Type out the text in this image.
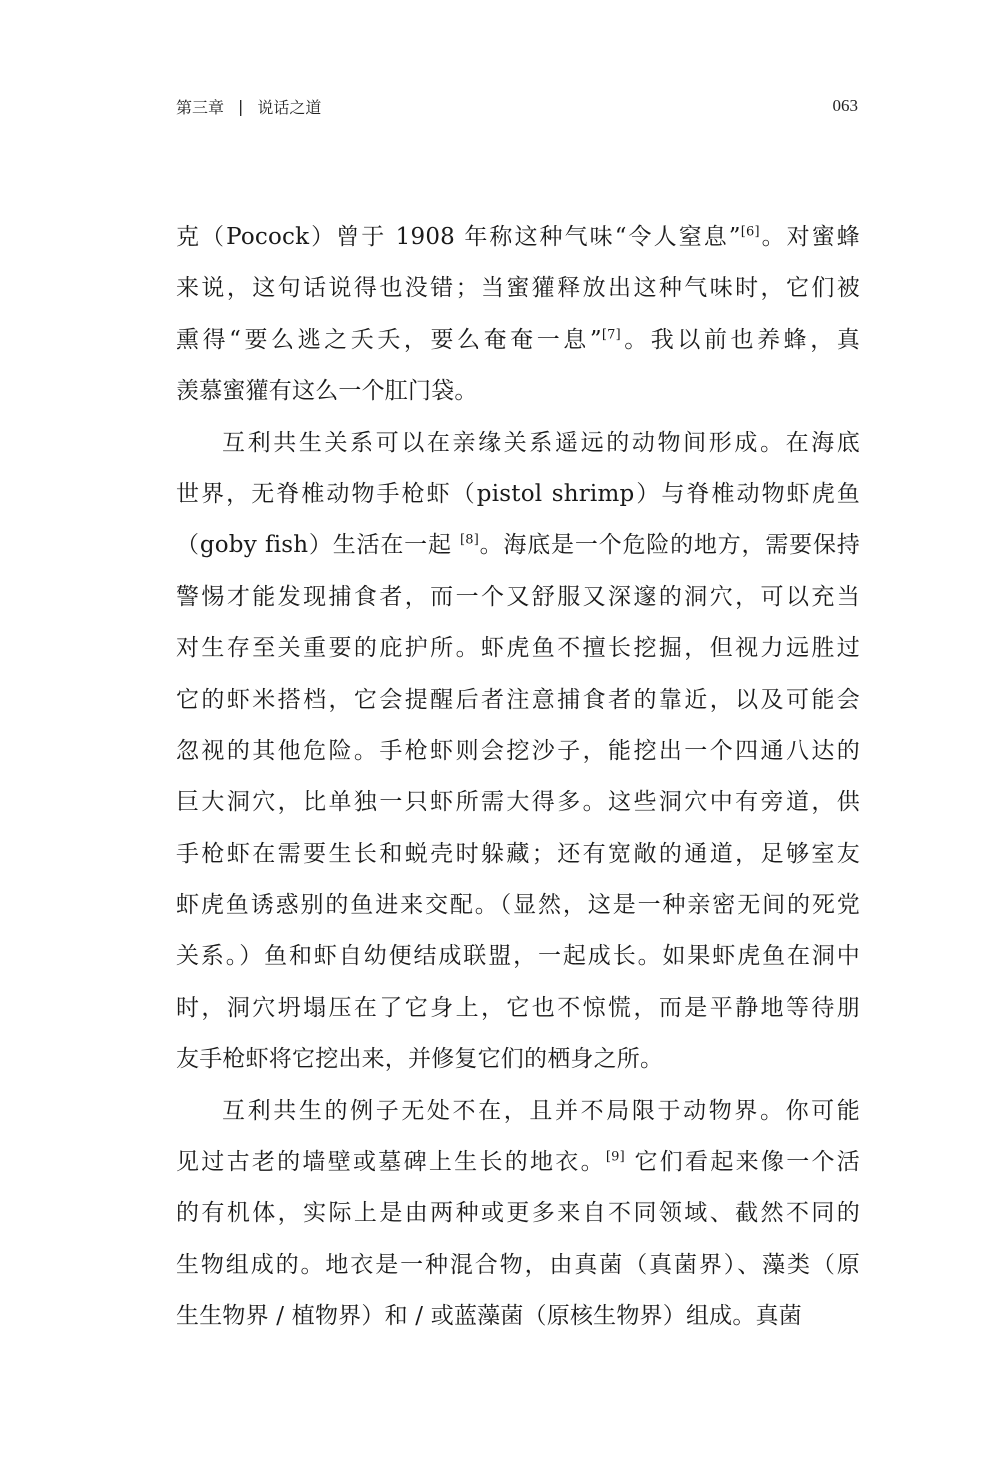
第三章 | 说话之道	063
克（Pocock）曾于 1908 年称这种气味“令人窒息”[6]。对蜜蜂
来说，这句话说得也没错；当蜜獾释放出这种气味时，它们被
熏得“要么逃之夭夭，要么奄奄一息”[7]。我以前也养蜂，真
羡慕蜜獾有这么一个肛门袋。
互利共生关系可以在亲缘关系遥远的动物间形成。在海底
世界，无脊椎动物手枪虾（pistol shrimp）与脊椎动物虾虎鱼
（goby fish）生活在一起 [8]。海底是一个危险的地方，需要保持
警惕才能发现捕食者，而一个又舒服又深邃的洞穴，可以充当
对生存至关重要的庇护所。虾虎鱼不擅长挖掘，但视力远胜过
它的虾米搭档，它会提醒后者注意捕食者的靠近，以及可能会
忽视的其他危险。手枪虾则会挖沙子，能挖出一个四通八达的
巨大洞穴，比单独一只虾所需大得多。这些洞穴中有旁道，供
手枪虾在需要生长和蜕壳时躲藏；还有宽敞的通道，足够室友
虾虎鱼诱惑别的鱼进来交配。（显然，这是一种亲密无间的死党
关系。）鱼和虾自幼便结成联盟，一起成长。如果虾虎鱼在洞中
时，洞穴坍塌压在了它身上，它也不惊慌，而是平静地等待朋
友手枪虾将它挖出来，并修复它们的栖身之所。
互利共生的例子无处不在，且并不局限于动物界。你可能
见过古老的墙壁或墓碑上生长的地衣。[9] 它们看起来像一个活
的有机体，实际上是由两种或更多来自不同领域、截然不同的
生物组成的。地衣是一种混合物，由真菌（真菌界）、藻类（原
生生物界 / 植物界）和 / 或蓝藻菌（原核生物界）组成。真菌
